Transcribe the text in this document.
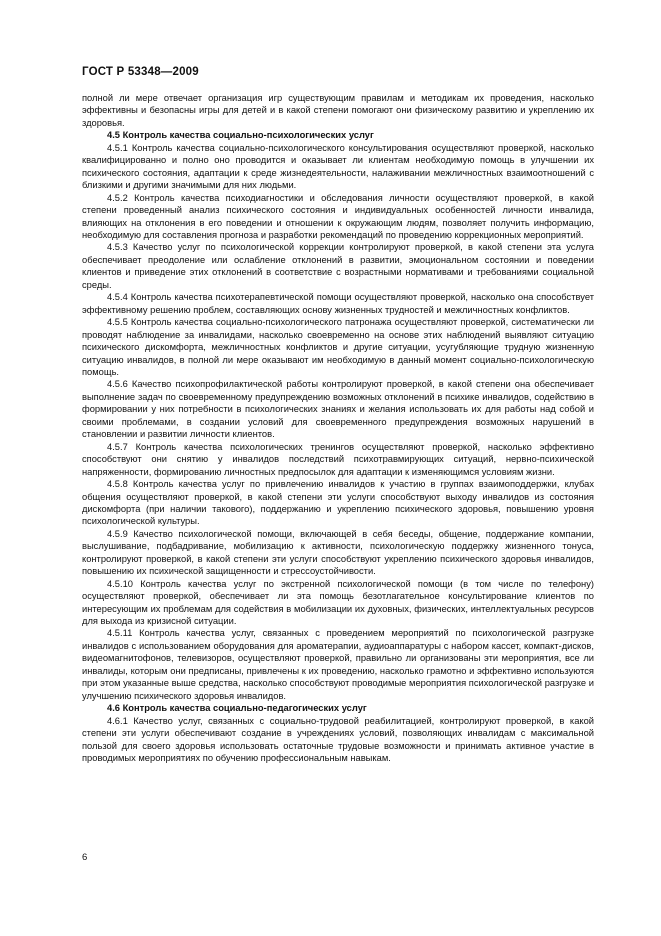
ГОСТ Р 53348—2009

полной ли мере отвечает организация игр существующим правилам и методикам их проведения, насколько эффективны и безопасны игры для детей и в какой степени помогают они физическому развитию и укреплению их здоровья.

4.5 Контроль качества социально-психологических услуг

4.5.1 Контроль качества социально-психологического консультирования осуществляют проверкой, насколько квалифицированно и полно оно проводится и оказывает ли клиентам необходимую помощь в улучшении их психического состояния, адаптации к среде жизнедеятельности, налаживании межличностных взаимоотношений с близкими и другими значимыми для них людьми.

4.5.2 Контроль качества психодиагностики и обследования личности осуществляют проверкой, в какой степени проведенный анализ психического состояния и индивидуальных особенностей личности инвалида, влияющих на отклонения в его поведении и отношении к окружающим людям, позволяет получить информацию, необходимую для составления прогноза и разработки рекомендаций по проведению коррекционных мероприятий.

4.5.3 Качество услуг по психологической коррекции контролируют проверкой, в какой степени эта услуга обеспечивает преодоление или ослабление отклонений в развитии, эмоциональном состоянии и поведении клиентов и приведение этих отклонений в соответствие с возрастными нормативами и требованиями социальной среды.

4.5.4 Контроль качества психотерапевтической помощи осуществляют проверкой, насколько она способствует эффективному решению проблем, составляющих основу жизненных трудностей и межличностных конфликтов.

4.5.5 Контроль качества социально-психологического патронажа осуществляют проверкой, систематически ли проводят наблюдение за инвалидами, насколько своевременно на основе этих наблюдений выявляют ситуацию психического дискомфорта, межличностных конфликтов и другие ситуации, усугубляющие трудную жизненную ситуацию инвалидов, в полной ли мере оказывают им необходимую в данный момент социально-психологическую помощь.

4.5.6 Качество психопрофилактической работы контролируют проверкой, в какой степени она обеспечивает выполнение задач по своевременному предупреждению возможных отклонений в психике инвалидов, содействию в формировании у них потребности в психологических знаниях и желания использовать их для работы над собой и своими проблемами, в создании условий для своевременного предупреждения возможных нарушений в становлении и развитии личности клиентов.

4.5.7 Контроль качества психологических тренингов осуществляют проверкой, насколько эффективно способствуют они снятию у инвалидов последствий психотравмирующих ситуаций, нервно-психической напряженности, формированию личностных предпосылок для адаптации к изменяющимся условиям жизни.

4.5.8 Контроль качества услуг по привлечению инвалидов к участию в группах взаимоподдержки, клубах общения осуществляют проверкой, в какой степени эти услуги способствуют выходу инвалидов из состояния дискомфорта (при наличии такового), поддержанию и укреплению психического здоровья, повышению уровня психологической культуры.

4.5.9 Качество психологической помощи, включающей в себя беседы, общение, поддержание компании, выслушивание, подбадривание, мобилизацию к активности, психологическую поддержку жизненного тонуса, контролируют проверкой, в какой степени эти услуги способствуют укреплению психического здоровья инвалидов, повышению их психической защищенности и стрессоустойчивости.

4.5.10 Контроль качества услуг по экстренной психологической помощи (в том числе по телефону) осуществляют проверкой, обеспечивает ли эта помощь безотлагательное консультирование клиентов по интересующим их проблемам для содействия в мобилизации их духовных, физических, интеллектуальных ресурсов для выхода из кризисной ситуации.

4.5.11 Контроль качества услуг, связанных с проведением мероприятий по психологической разгрузке инвалидов с использованием оборудования для ароматерапии, аудиоаппаратуры с набором кассет, компакт-дисков, видеомагнитофонов, телевизоров, осуществляют проверкой, правильно ли организованы эти мероприятия, все ли инвалиды, которым они предписаны, привлечены к их проведению, насколько грамотно и эффективно используются при этом указанные выше средства, насколько способствуют проводимые мероприятия психологической разгрузке и улучшению психического здоровья инвалидов.

4.6 Контроль качества социально-педагогических услуг

4.6.1 Качество услуг, связанных с социально-трудовой реабилитацией, контролируют проверкой, в какой степени эти услуги обеспечивают создание в учреждениях условий, позволяющих инвалидам с максимальной пользой для своего здоровья использовать остаточные трудовые возможности и принимать активное участие в проводимых мероприятиях по обучению профессиональным навыкам.

6
